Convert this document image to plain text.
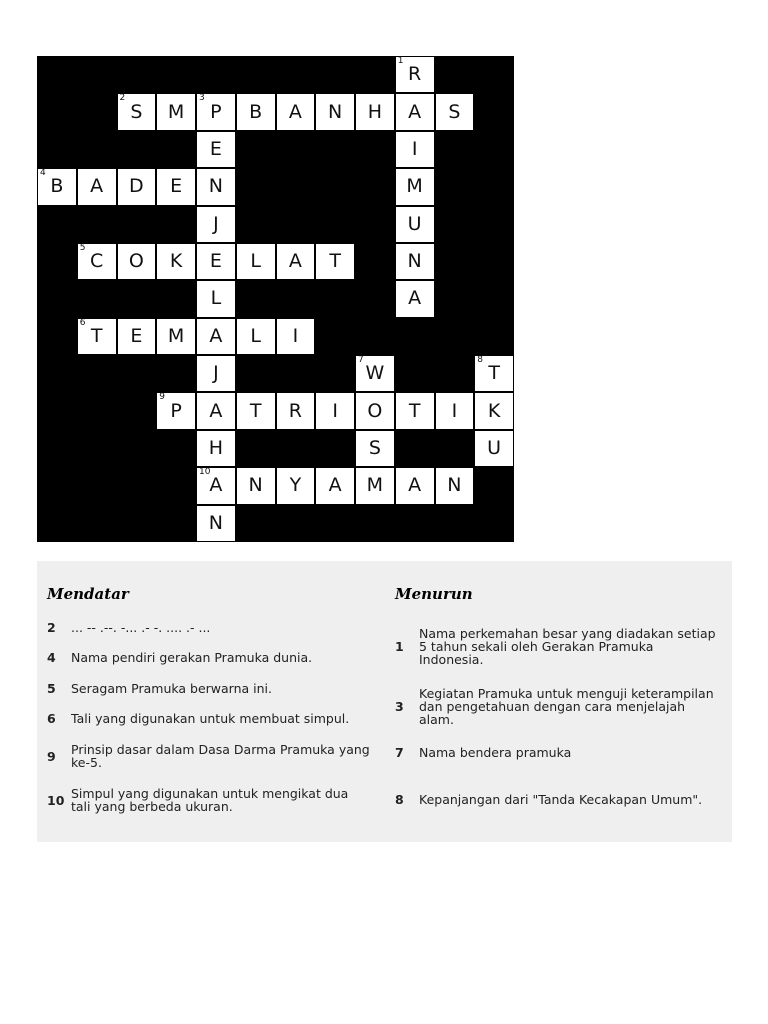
1
R
2
S M
3
P B A N H A S
E	I
4
B A D E N	M
J	U
5
C O K E L A T	N
L	A
6
T E M A L I
J
7
W
8
T
9
P A T R I O T I K
H	S	U
10
A N Y A M A N
N
Mendatar	Menurun
2	... -- .--. -... .- -. .... .- ...
4	Nama pendiri gerakan Pramuka dunia.
5	Seragam Pramuka berwarna ini.
6	Tali yang digunakan untuk membuat simpul.
9	Prinsip dasar dalam Dasa Darma Pramuka yang ke-5.
10 Simpul yang digunakan untuk mengikat dua tali yang berbeda ukuran.
1
Nama perkemahan besar yang diadakan setiap 5 tahun sekali oleh Gerakan Pramuka Indonesia.
3
Kegiatan Pramuka untuk menguji keterampilan dan pengetahuan dengan cara menjelajah alam.
7	Nama bendera pramuka
8	Kepanjangan dari "Tanda Kecakapan Umum".
